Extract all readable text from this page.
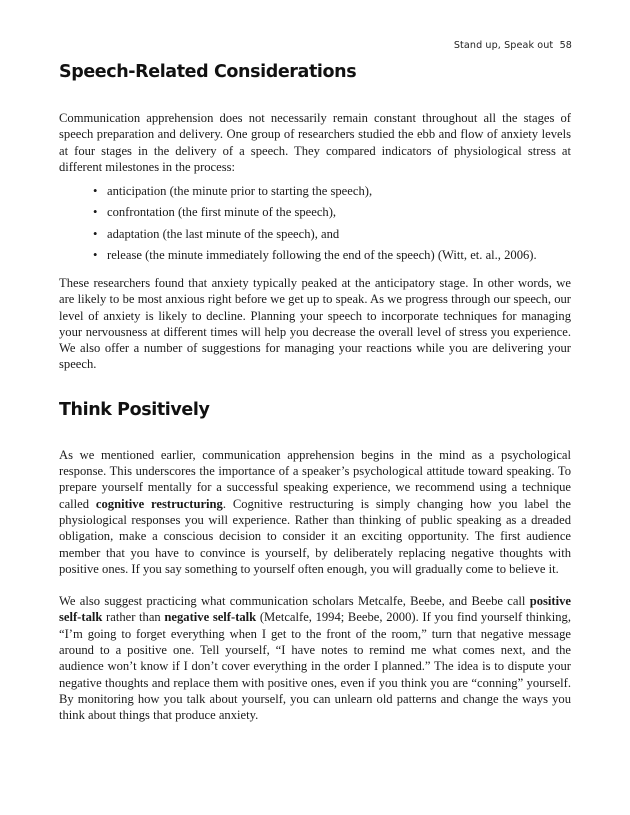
Stand up, Speak out 58
Speech-Related Considerations

Communication apprehension does not necessarily remain constant throughout all the stages of speech preparation and delivery. One group of researchers studied the ebb and flow of anxiety levels at four stages in the delivery of a speech. They compared indicators of physiological stress at different milestones in the process:

• anticipation (the minute prior to starting the speech),
• confrontation (the first minute of the speech),
• adaptation (the last minute of the speech), and
• release (the minute immediately following the end of the speech) (Witt, et. al., 2006).

These researchers found that anxiety typically peaked at the anticipatory stage. In other words, we are likely to be most anxious right before we get up to speak. As we progress through our speech, our level of anxiety is likely to decline. Planning your speech to incorporate techniques for managing your nervousness at different times will help you decrease the overall level of stress you experience. We also offer a number of suggestions for managing your reactions while you are delivering your speech.

Think Positively

As we mentioned earlier, communication apprehension begins in the mind as a psychological response. This underscores the importance of a speaker’s psychological attitude toward speaking. To prepare yourself mentally for a successful speaking experience, we recommend using a technique called cognitive restructuring. Cognitive restructuring is simply changing how you label the physiological responses you will experience. Rather than thinking of public speaking as a dreaded obligation, make a conscious decision to consider it an exciting opportunity. The first audience member that you have to convince is yourself, by deliberately replacing negative thoughts with positive ones. If you say something to yourself often enough, you will gradually come to believe it.

We also suggest practicing what communication scholars Metcalfe, Beebe, and Beebe call positive self-talk rather than negative self-talk (Metcalfe, 1994; Beebe, 2000). If you find yourself thinking, “I’m going to forget everything when I get to the front of the room,” turn that negative message around to a positive one. Tell yourself, “I have notes to remind me what comes next, and the audience won’t know if I don’t cover everything in the order I planned.” The idea is to dispute your negative thoughts and replace them with positive ones, even if you think you are “conning” yourself. By monitoring how you talk about yourself, you can unlearn old patterns and change the ways you think about things that produce anxiety.
